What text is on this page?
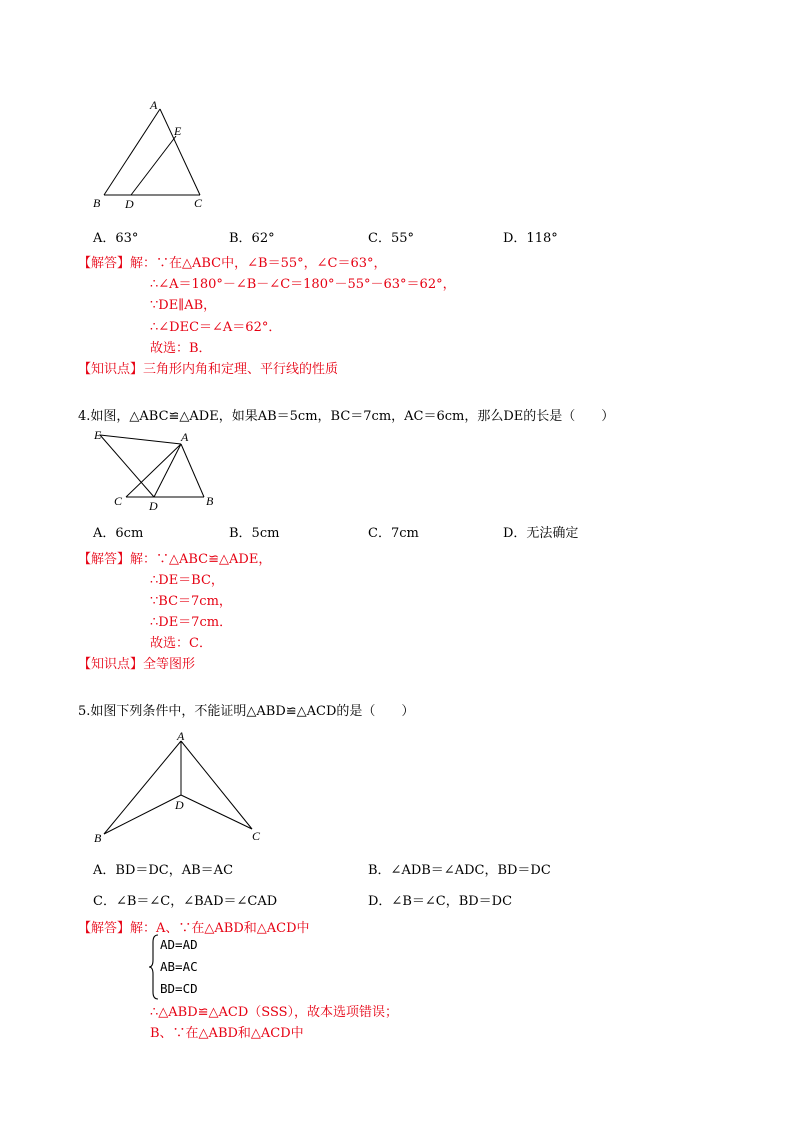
A
E
B D	C
A．63°	B．62°	C．55°	D．118°
【解答】解：∵在△ABC中，∠B＝55°，∠C＝63°，
∴∠A＝180°－∠B－∠C＝180°－55°－63°＝62°，
∵DE∥AB，
∴∠DEC＝∠A＝62°．
故选：B．
【知识点】三角形内角和定理、平行线的性质
4.如图，△ABC≌△ADE，如果AB＝5cm，BC＝7cm，AC＝6cm，那么DE的长是（　　）
E	A
C D	B
A．6cm	B．5cm	C．7cm	D．无法确定
【解答】解：∵△ABC≌△ADE，
∴DE＝BC，
∵BC＝7cm，
∴DE＝7cm．
故选：C．
【知识点】全等图形
5.如图下列条件中，不能证明△ABD≌△ACD的是（　　）
A
D
B	C
A．BD＝DC，AB＝AC	B．∠ADB＝∠ADC，BD＝DC
C．∠B＝∠C，∠BAD＝∠CAD	D．∠B＝∠C，BD＝DC
【解答】解：A、∵在△ABD和△ACD中
AD=AD
AB=AC
BD=CD
∴△ABD≌△ACD（SSS），故本选项错误；
B、∵在△ABD和△ACD中
